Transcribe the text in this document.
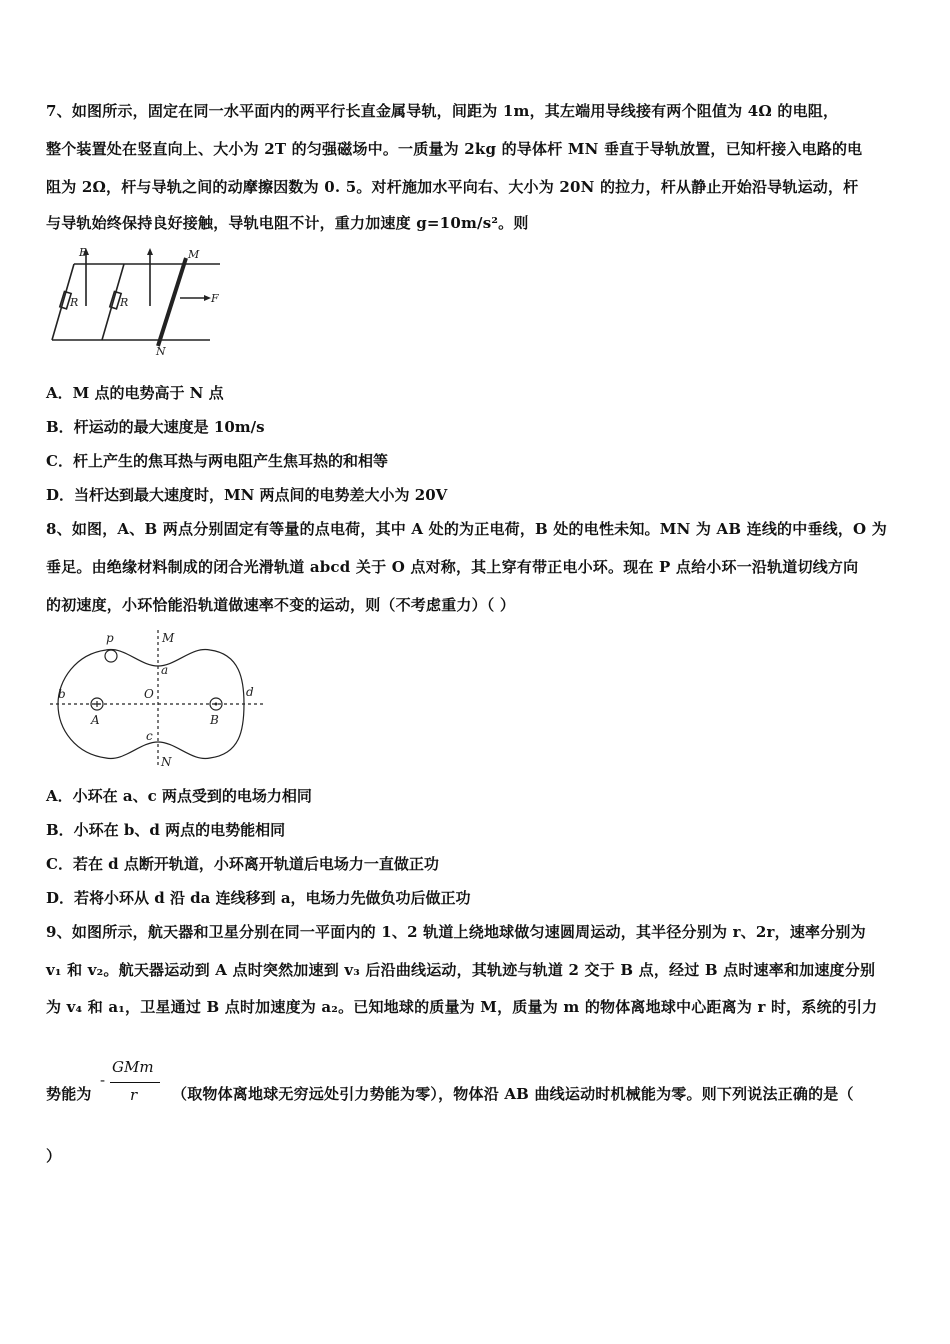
7、如图所示，固定在同一水平面内的两平行长直金属导轨，间距为 1m，其左端用导线接有两个阻值为 4Ω 的电阻，
整个装置处在竖直向上、大小为 2T 的匀强磁场中。一质量为 2kg 的导体杆 MN 垂直于导轨放置，已知杆接入电路的电
阻为 2Ω，杆与导轨之间的动摩擦因数为 0. 5。对杆施加水平向右、大小为 20N 的拉力，杆从静止开始沿导轨运动，杆
与导轨始终保持良好接触，导轨电阻不计，重力加速度 g=10m/s²。则
B	M
R	R	F
N
A．M 点的电势高于 N 点
B．杆运动的最大速度是 10m/s
C．杆上产生的焦耳热与两电阻产生焦耳热的和相等
D．当杆达到最大速度时，MN 两点间的电势差大小为 20V
8、如图，A、B 两点分别固定有等量的点电荷，其中 A 处的为正电荷，B 处的电性未知。MN 为 AB 连线的中垂线，O 为
垂足。由绝缘材料制成的闭合光滑轨道 abcd 关于 O 点对称，其上穿有带正电小环。现在 P 点给小环一沿轨道切线方向
的初速度，小环恰能沿轨道做速率不变的运动，则（不考虑重力）（ ）
p	M
a
b	O	d
A	B
c
N
A．小环在 a、c 两点受到的电场力相同
B．小环在 b、d 两点的电势能相同
C．若在 d 点断开轨道，小环离开轨道后电场力一直做正功
D．若将小环从 d 沿 da 连线移到 a，电场力先做负功后做正功
9、如图所示，航天器和卫星分别在同一平面内的 1、2 轨道上绕地球做匀速圆周运动，其半径分别为 r、2r，速率分别为
v₁ 和 v₂。航天器运动到 A 点时突然加速到 v₃ 后沿曲线运动，其轨迹与轨道 2 交于 B 点，经过 B 点时速率和加速度分别
为 v₄ 和 a₁，卫星通过 B 点时加速度为 a₂。已知地球的质量为 M，质量为 m 的物体离地球中心距离为 r 时，系统的引力
势能为
-
GMm
r （取物体离地球无穷远处引力势能为零），物体沿 AB 曲线运动时机械能为零。则下列说法正确的是（
）
